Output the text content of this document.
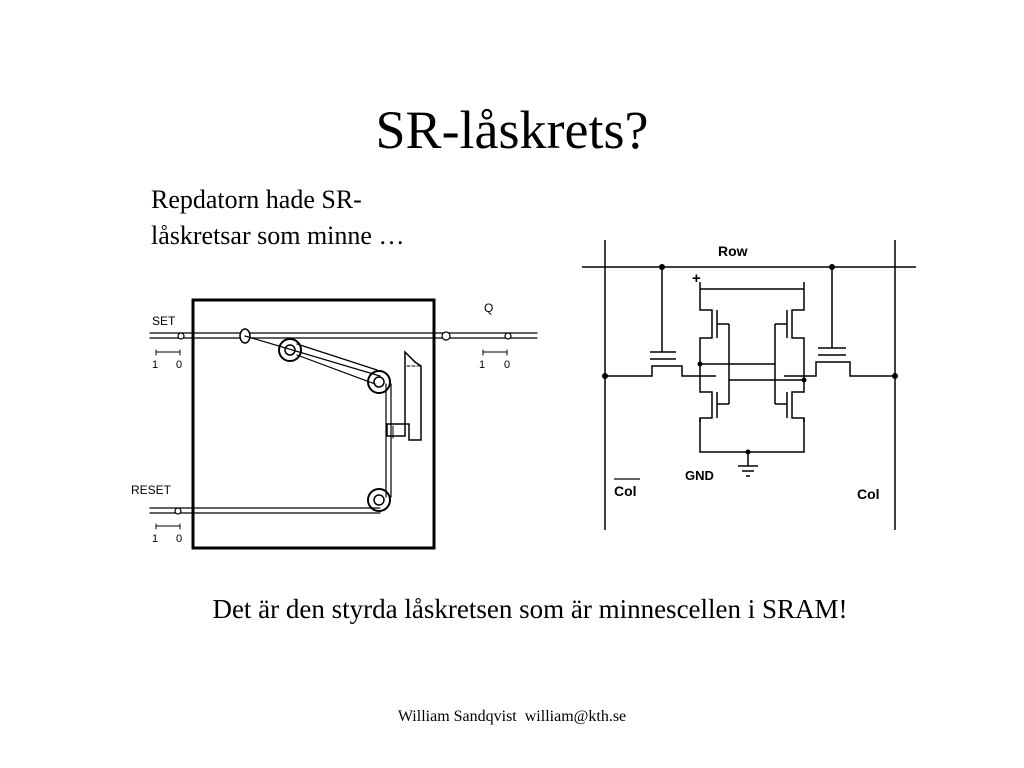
SR-låskrets?
Repdatorn hade SR-
låskretsar som minne …
SET
Q
RESET
1 0	1 0
1 0
Row
+
GND
Col	Col
Det är den styrda låskretsen som är minnescellen i SRAM!
William Sandqvist william@kth.se
